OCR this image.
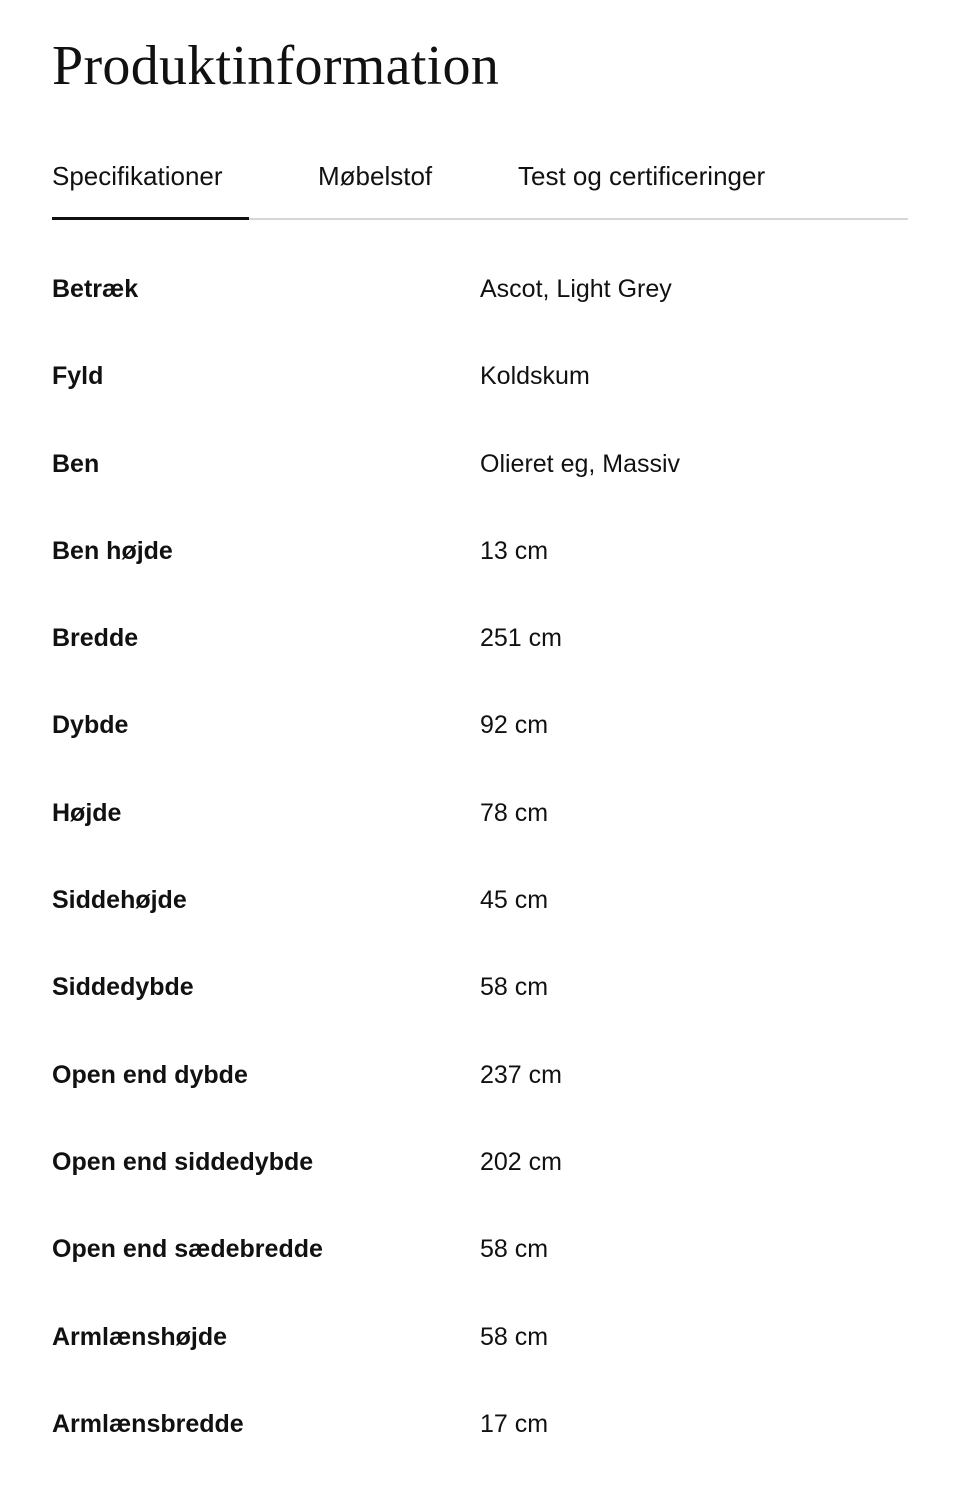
Produktinformation
Specifikationer	Møbelstof	Test og certificeringer
Betræk	Ascot, Light Grey
Fyld	Koldskum
Ben	Olieret eg, Massiv
Ben højde	13 cm
Bredde	251 cm
Dybde	92 cm
Højde	78 cm
Siddehøjde	45 cm
Siddedybde	58 cm
Open end dybde	237 cm
Open end siddedybde	202 cm
Open end sædebredde	58 cm
Armlænshøjde	58 cm
Armlænsbredde	17 cm
